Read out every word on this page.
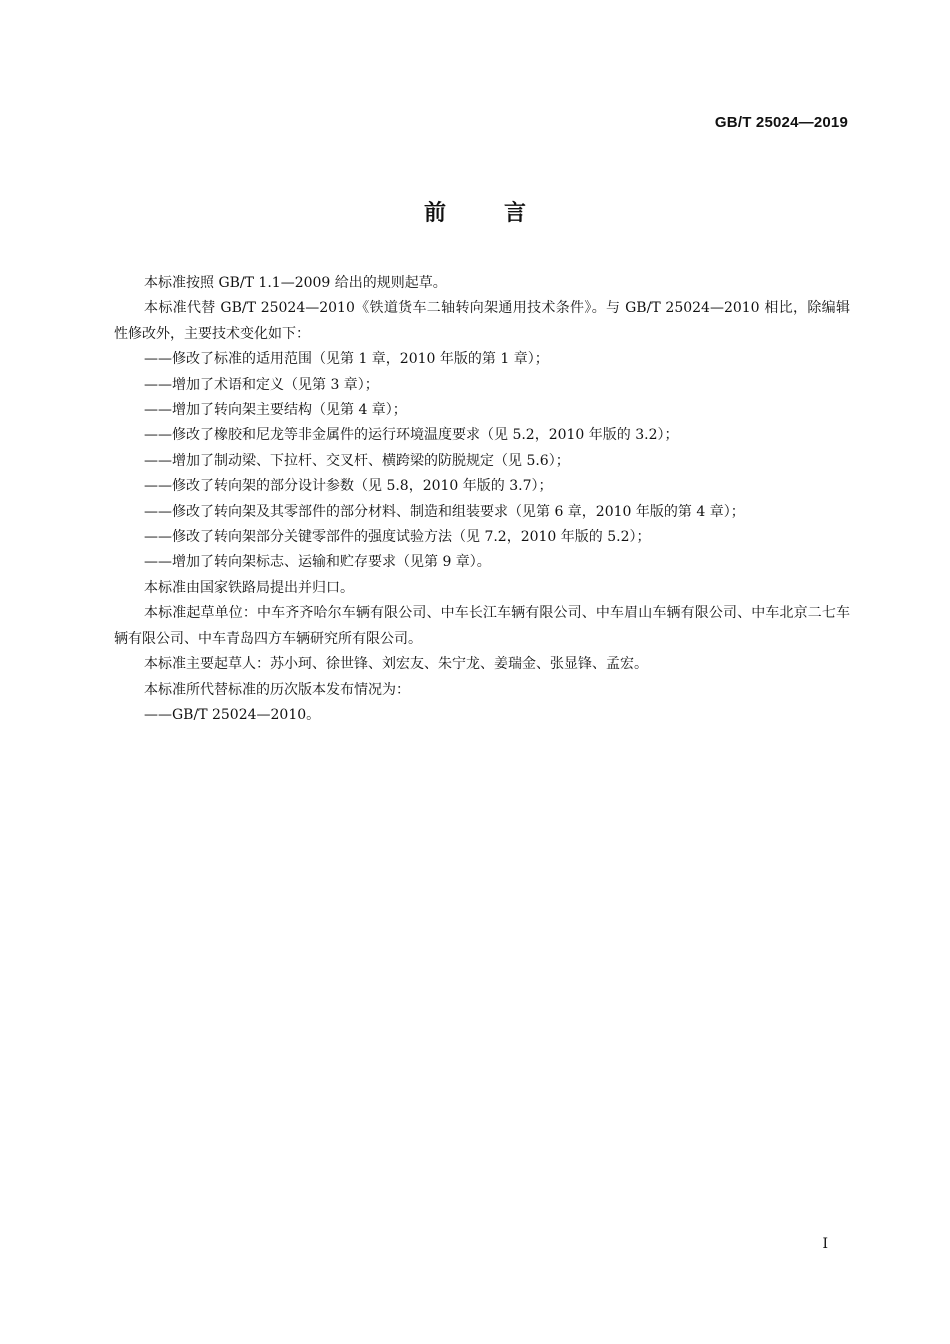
GB/T 25024—2019
前言

本标准按照 GB/T 1.1—2009 给出的规则起草。

本标准代替 GB/T 25024—2010《铁道货车二轴转向架通用技术条件》。与 GB/T 25024—2010 相比，除编辑性修改外，主要技术变化如下：

——修改了标准的适用范围（见第 1 章，2010 年版的第 1 章）；

——增加了术语和定义（见第 3 章）；

——增加了转向架主要结构（见第 4 章）；

——修改了橡胶和尼龙等非金属件的运行环境温度要求（见 5.2，2010 年版的 3.2）；

——增加了制动梁、下拉杆、交叉杆、横跨梁的防脱规定（见 5.6）；

——修改了转向架的部分设计参数（见 5.8，2010 年版的 3.7）；

——修改了转向架及其零部件的部分材料、制造和组装要求（见第 6 章，2010 年版的第 4 章）；

——修改了转向架部分关键零部件的强度试验方法（见 7.2，2010 年版的 5.2）；

——增加了转向架标志、运输和贮存要求（见第 9 章）。

本标准由国家铁路局提出并归口。

本标准起草单位：中车齐齐哈尔车辆有限公司、中车长江车辆有限公司、中车眉山车辆有限公司、中车北京二七车辆有限公司、中车青岛四方车辆研究所有限公司。

本标准主要起草人：苏小珂、徐世锋、刘宏友、朱宁龙、姜瑞金、张显锋、孟宏。

本标准所代替标准的历次版本发布情况为：

——GB/T 25024—2010。

I
